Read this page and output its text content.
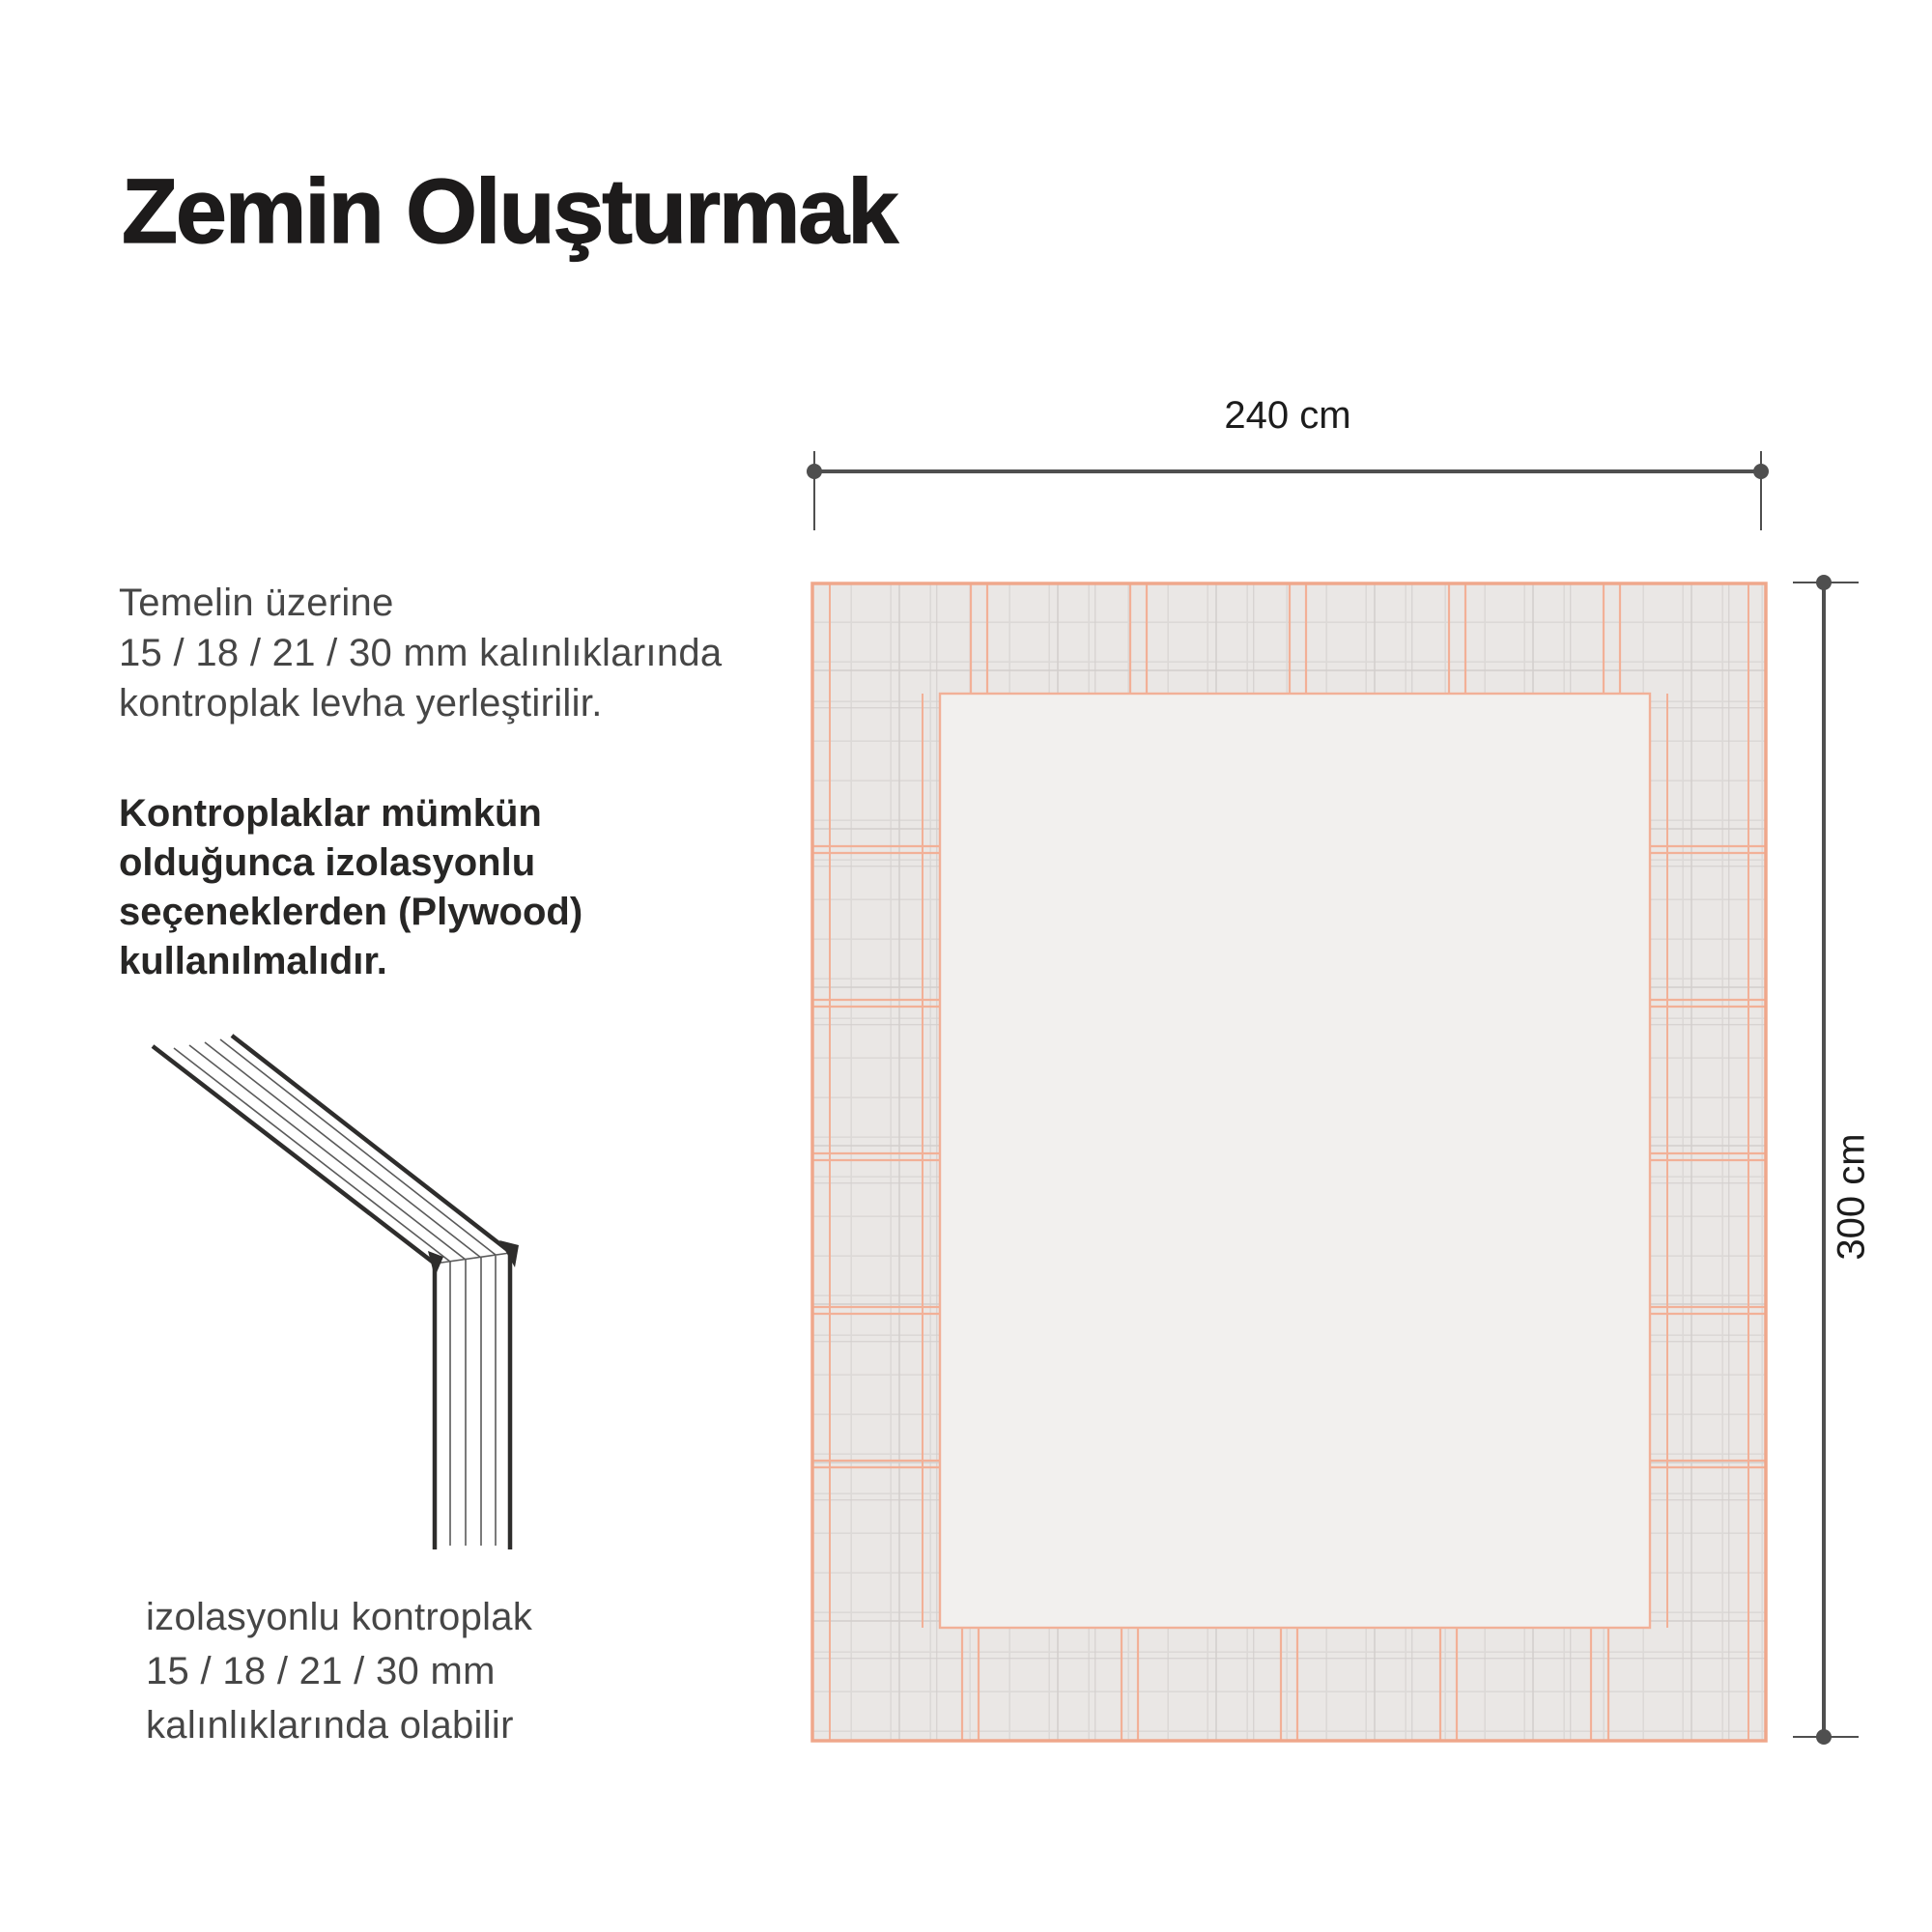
Zemin Oluşturmak
Temelin üzerine
15 / 18 / 21 / 30 mm kalınlıklarında
kontroplak levha yerleştirilir.
Kontroplaklar mümkün
olduğunca izolasyonlu
seçeneklerden (Plywood)
kullanılmalıdır.
izolasyonlu kontroplak
15 / 18 / 21 / 30 mm
kalınlıklarında olabilir
240 cm
300 cm
